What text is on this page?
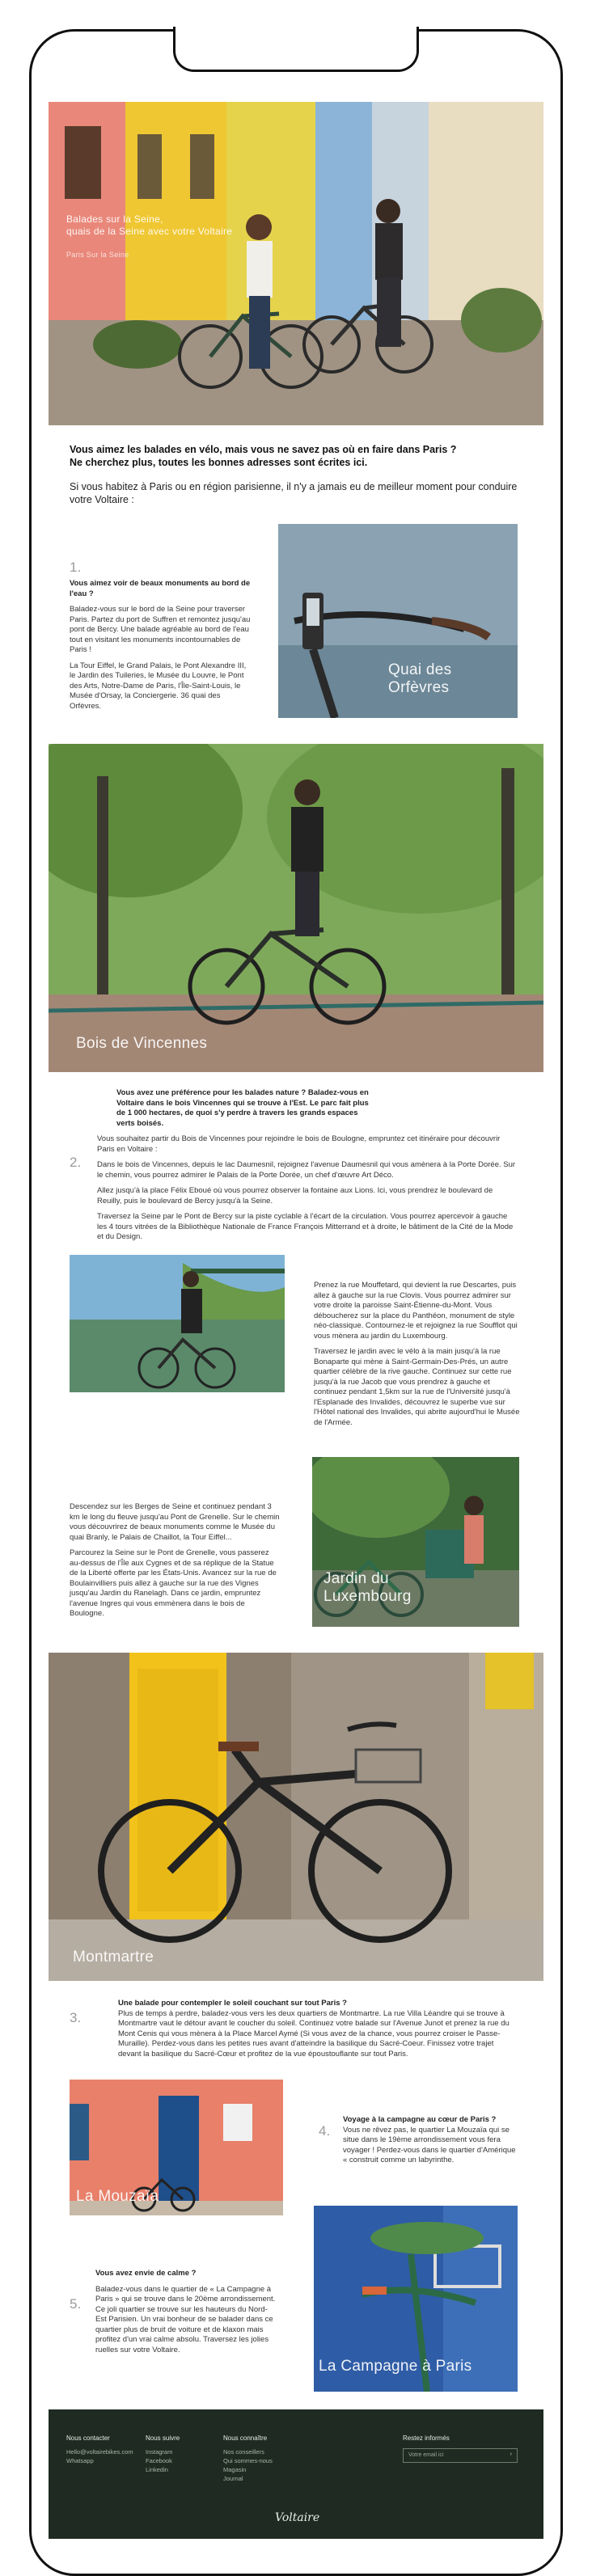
Balades sur la Seine,
quais de la Seine avec votre Voltaire
Paris Sur la Seine
Vous aimez les balades en vélo, mais vous ne savez pas où en faire dans Paris ?
Ne cherchez plus, toutes les bonnes adresses sont écrites ici.
Si vous habitez à Paris ou en région parisienne, il n'y a jamais eu de meilleur moment pour conduire votre Voltaire :
1.

Vous aimez voir de beaux monuments au bord de l'eau ?

Baladez-vous sur le bord de la Seine pour traverser Paris. Partez du port de Suffren et remontez jusqu'au pont de Bercy. Une balade agréable au bord de l'eau tout en visitant les monuments incontournables de Paris !

La Tour Eiffel, le Grand Palais, le Pont Alexandre III, le Jardin des Tuileries, le Musée du Louvre, le Pont des Arts, Notre-Dame de Paris, l'Île-Saint-Louis, le Musée d'Orsay, la Conciergerie. 36 quai des Orfèvres.

Quai des Orfèvres
Bois de Vincennes
2.

Vous avez une préférence pour les balades nature ? Baladez-vous en Voltaire dans le bois Vincennes qui se trouve à l'Est. Le parc fait plus de 1 000 hectares, de quoi s'y perdre à travers les grands espaces verts boisés.

Vous souhaitez partir du Bois de Vincennes pour rejoindre le bois de Boulogne, empruntez cet itinéraire pour découvrir Paris en Voltaire :

Dans le bois de Vincennes, depuis le lac Daumesnil, rejoignez l'avenue Daumesnil qui vous amènera à la Porte Dorée. Sur le chemin, vous pourrez admirer le Palais de la Porte Dorée, un chef d'œuvre Art Déco.

Allez jusqu'à la place Félix Eboué où vous pourrez observer la fontaine aux Lions. Ici, vous prendrez le boulevard de Reuilly, puis le boulevard de Bercy jusqu'à la Seine.

Traversez la Seine par le Pont de Bercy sur la piste cyclable à l'écart de la circulation. Vous pourrez apercevoir à gauche les 4 tours vitrées de la Bibliothèque Nationale de France François Mitterrand et à droite, le bâtiment de la Cité de la Mode et du Design.

Prenez la rue Mouffetard, qui devient la rue Descartes, puis allez à gauche sur la rue Clovis. Vous pourrez admirer sur votre droite la paroisse Saint-Étienne-du-Mont. Vous déboucherez sur la place du Panthéon, monument de style néo-classique. Contournez-le et rejoignez la rue Soufflot qui vous mènera au jardin du Luxembourg.

Traversez le jardin avec le vélo à la main jusqu'à la rue Bonaparte qui mène à Saint-Germain-Des-Prés, un autre quartier célèbre de la rive gauche. Continuez sur cette rue jusqu'à la rue Jacob que vous prendrez à gauche et continuez pendant 1,5km sur la rue de l'Université jusqu'à l'Esplanade des Invalides, découvrez le superbe vue sur l'Hôtel national des Invalides, qui abrite aujourd'hui le Musée de l'Armée.

Descendez sur les Berges de Seine et continuez pendant 3 km le long du fleuve jusqu'au Pont de Grenelle. Sur le chemin vous découvrirez de beaux monuments comme le Musée du quai Branly, le Palais de Chaillot, la Tour Eiffel...

Parcourez la Seine sur le Pont de Grenelle, vous passerez au-dessus de l'Île aux Cygnes et de sa réplique de la Statue de la Liberté offerte par les États-Unis. Avancez sur la rue de Boulainvilliers puis allez à gauche sur la rue des Vignes jusqu'au Jardin du Ranelagh. Dans ce jardin, empruntez l'avenue Ingres qui vous emmènera dans le bois de Boulogne.

Jardin du Luxembourg
Montmartre
3.

Une balade pour contempler le soleil couchant sur tout Paris ?

Plus de temps à perdre, baladez-vous vers les deux quartiers de Montmartre. La rue Villa Léandre qui se trouve à Montmartre vaut le détour avant le coucher du soleil. Continuez votre balade sur l'Avenue Junot et prenez la rue du Mont Cenis qui vous mènera à la Place Marcel Aymé (Si vous avez de la chance, vous pourrez croiser le Passe-Muraille). Perdez-vous dans les petites rues avant d'atteindre la basilique du Sacré-Coeur. Finissez votre trajet devant la basilique du Sacré-Cœur et profitez de la vue époustouflante sur tout Paris.

La Mouzaïa
4.

Voyage à la campagne au cœur de Paris ?

Vous ne rêvez pas, le quartier La Mouzaïa qui se situe dans le 19ème arrondissement vous fera voyager ! Perdez-vous dans le quartier d'Amérique « construit comme un labyrinthe.

5.

Vous avez envie de calme ?

Baladez-vous dans le quartier de « La Campagne à Paris » qui se trouve dans le 20ème arrondissement. Ce joli quartier se trouve sur les hauteurs du Nord-Est Parisien. Un vrai bonheur de se balader dans ce quartier plus de bruit de voiture et de klaxon mais profitez d'un vrai calme absolu. Traversez les jolies ruelles sur votre Voltaire.

La Campagne à Paris
Nous contacter
Hello@voltairebikes.com
Whatsapp
Nous suivre
Instagram
Facebook
Linkedin
Nous connaître
Nos conseillers
Qui sommes-nous
Magasin
Journal
Restez informés
Votre email ici	›
Voltaire
